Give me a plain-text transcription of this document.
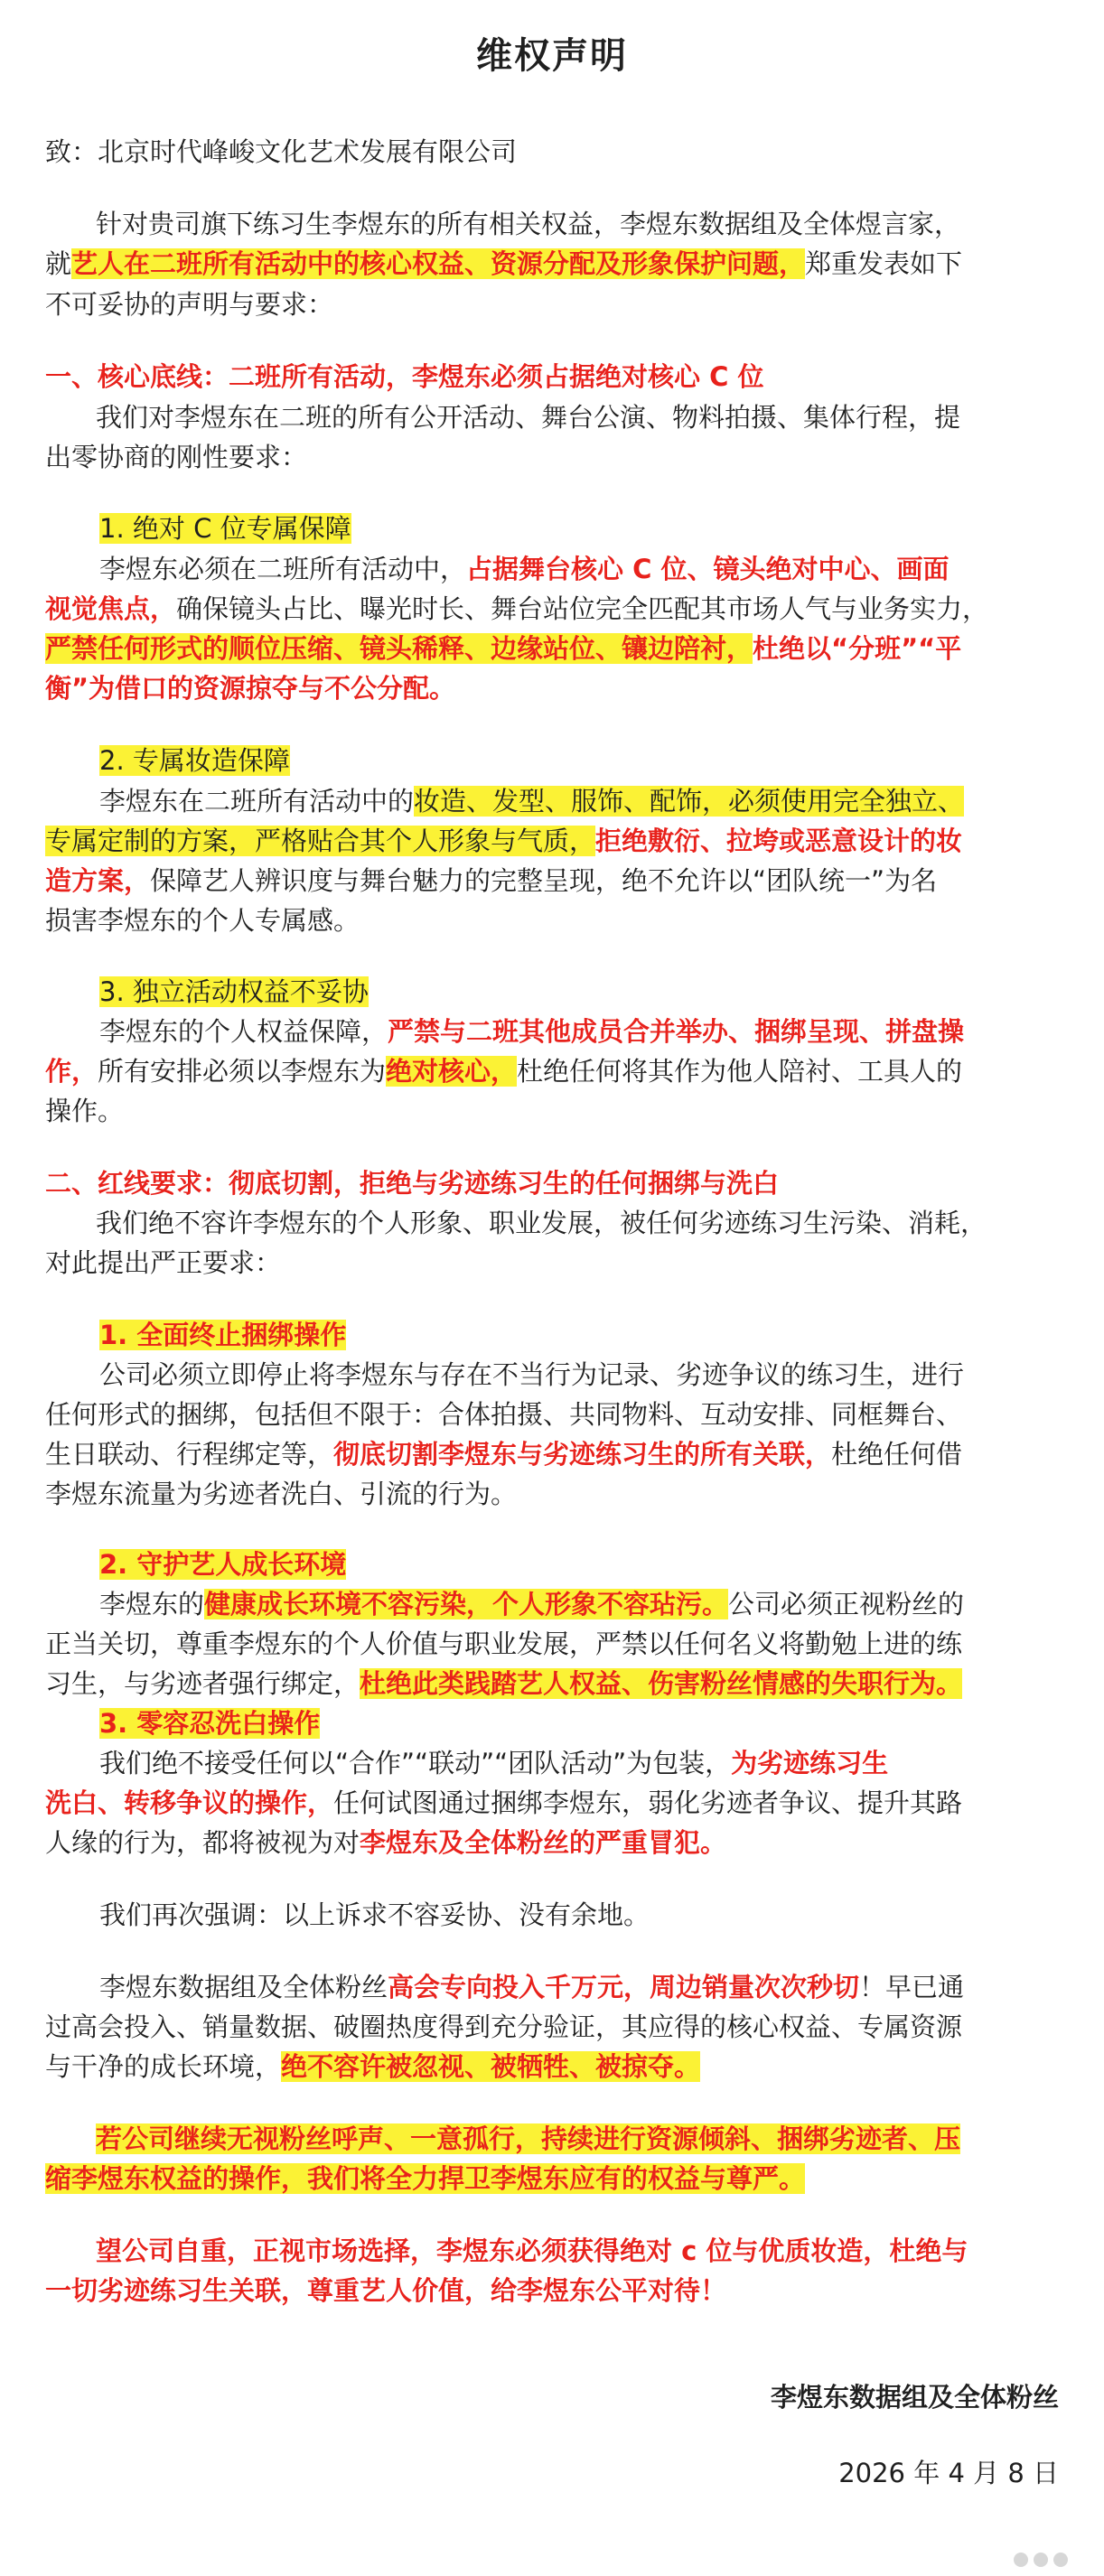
维权声明
致：北京时代峰峻文化艺术发展有限公司
针对贵司旗下练习生李煜东的所有相关权益，李煜东数据组及全体煜言家，
就艺人在二班所有活动中的核心权益、资源分配及形象保护问题，郑重发表如下
不可妥协的声明与要求：
一、核心底线：二班所有活动，李煜东必须占据绝对核心 C 位
我们对李煜东在二班的所有公开活动、舞台公演、物料拍摄、集体行程，提
出零协商的刚性要求：
1. 绝对 C 位专属保障
李煜东必须在二班所有活动中，占据舞台核心 C 位、镜头绝对中心、画面
视觉焦点，确保镜头占比、曝光时长、舞台站位完全匹配其市场人气与业务实力，
严禁任何形式的顺位压缩、镜头稀释、边缘站位、镶边陪衬，杜绝以“分班”“平
衡”为借口的资源掠夺与不公分配。
2. 专属妆造保障
李煜东在二班所有活动中的妆造、发型、服饰、配饰，必须使用完全独立、
专属定制的方案，严格贴合其个人形象与气质，拒绝敷衍、拉垮或恶意设计的妆
造方案，保障艺人辨识度与舞台魅力的完整呈现，绝不允许以“团队统一”为名
损害李煜东的个人专属感。
3. 独立活动权益不妥协
李煜东的个人权益保障，严禁与二班其他成员合并举办、捆绑呈现、拼盘操
作，所有安排必须以李煜东为绝对核心，杜绝任何将其作为他人陪衬、工具人的
操作。
二、红线要求：彻底切割，拒绝与劣迹练习生的任何捆绑与洗白
我们绝不容许李煜东的个人形象、职业发展，被任何劣迹练习生污染、消耗，
对此提出严正要求：
1. 全面终止捆绑操作
公司必须立即停止将李煜东与存在不当行为记录、劣迹争议的练习生，进行
任何形式的捆绑，包括但不限于：合体拍摄、共同物料、互动安排、同框舞台、
生日联动、行程绑定等，彻底切割李煜东与劣迹练习生的所有关联，杜绝任何借
李煜东流量为劣迹者洗白、引流的行为。
2. 守护艺人成长环境
李煜东的健康成长环境不容污染，个人形象不容玷污。公司必须正视粉丝的
正当关切，尊重李煜东的个人价值与职业发展，严禁以任何名义将勤勉上进的练
习生，与劣迹者强行绑定，杜绝此类践踏艺人权益、伤害粉丝情感的失职行为。
3. 零容忍洗白操作
我们绝不接受任何以“合作”“联动”“团队活动”为包装，为劣迹练习生
洗白、转移争议的操作，任何试图通过捆绑李煜东，弱化劣迹者争议、提升其路
人缘的行为，都将被视为对李煜东及全体粉丝的严重冒犯。
我们再次强调：以上诉求不容妥协、没有余地。
李煜东数据组及全体粉丝高会专向投入千万元，周边销量次次秒切！早已通
过高会投入、销量数据、破圈热度得到充分验证，其应得的核心权益、专属资源
与干净的成长环境，绝不容许被忽视、被牺牲、被掠夺。
若公司继续无视粉丝呼声、一意孤行，持续进行资源倾斜、捆绑劣迹者、压
缩李煜东权益的操作，我们将全力捍卫李煜东应有的权益与尊严。
望公司自重，正视市场选择，李煜东必须获得绝对 c 位与优质妆造，杜绝与
一切劣迹练习生关联，尊重艺人价值，给李煜东公平对待！
李煜东数据组及全体粉丝
2026 年 4 月 8 日
